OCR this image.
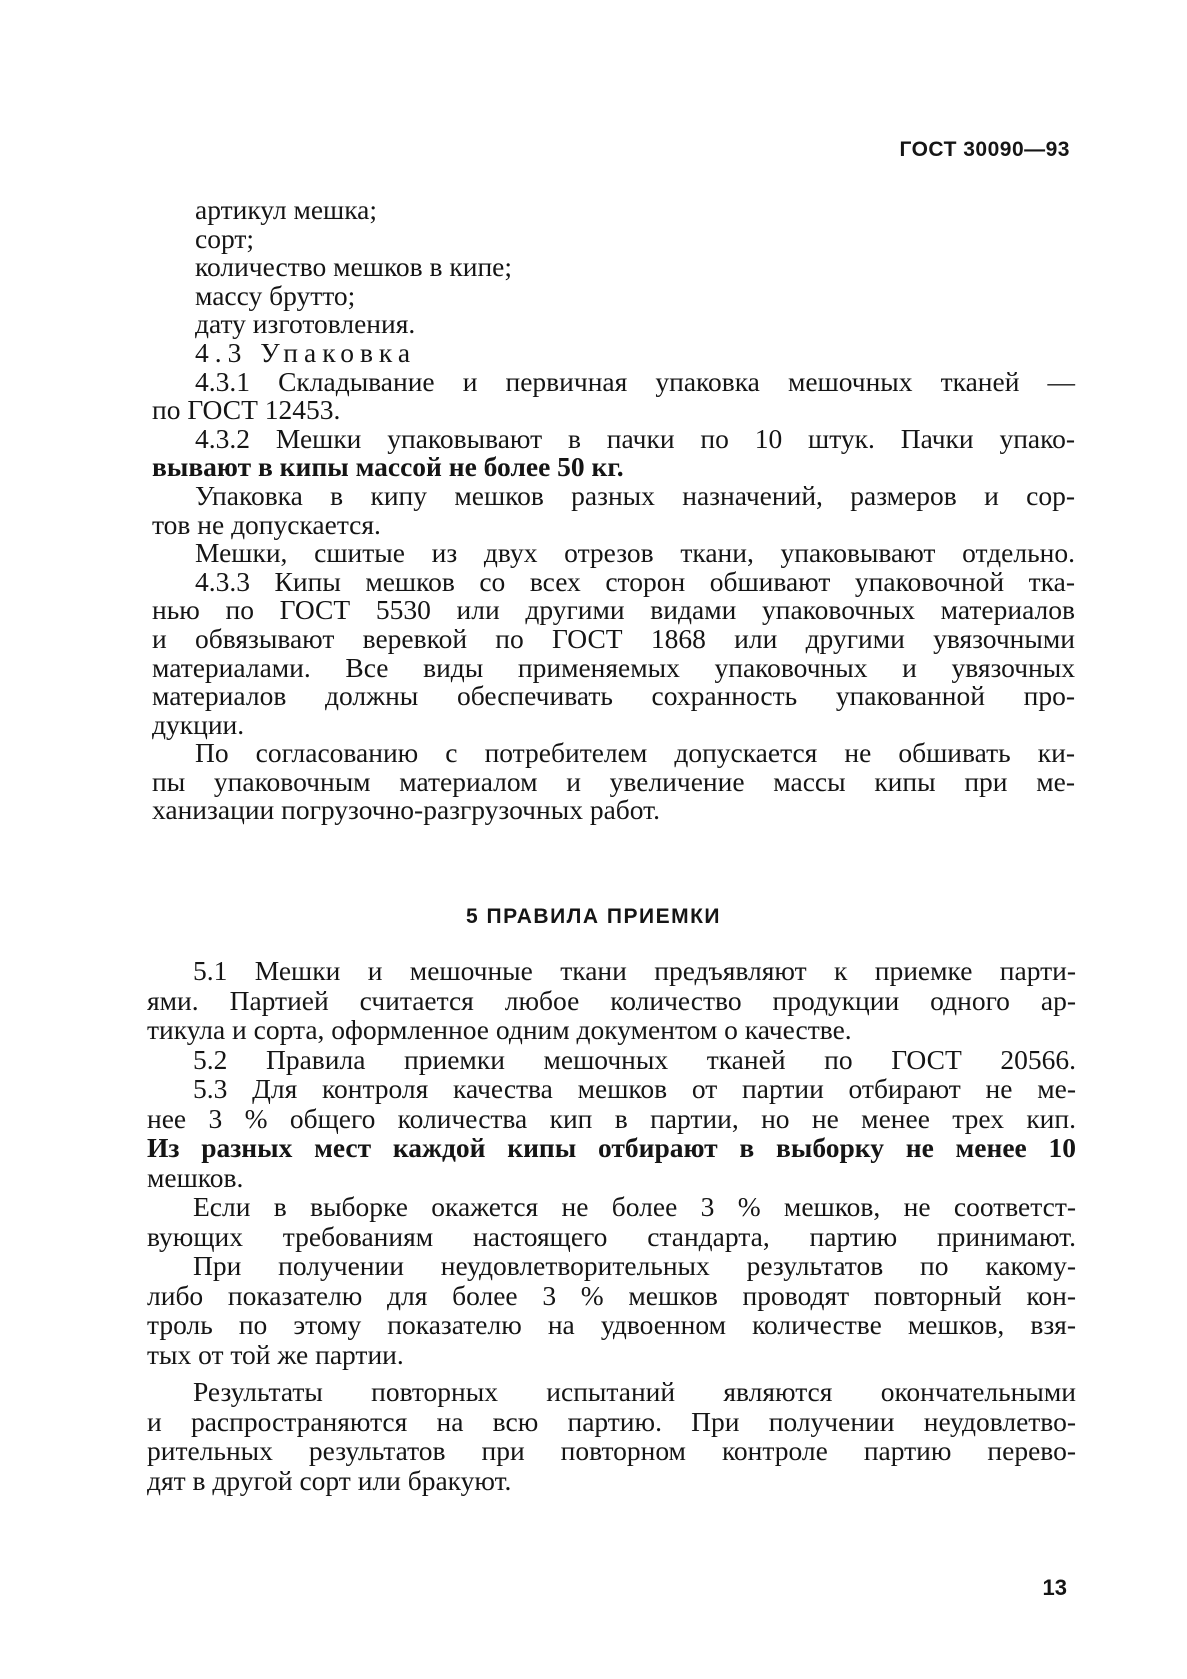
ГОСТ 30090—93
артикул мешка;
сорт;
количество мешков в кипе;
массу брутто;
дату изготовления.
4.3 Упаковка
4.3.1 Складывание и первичная упаковка мешочных тканей —
по ГОСТ 12453.
4.3.2 Мешки упаковывают в пачки по 10 штук. Пачки упако-
вывают в кипы массой не более 50 кг.
Упаковка в кипу мешков разных назначений, размеров и сор-
тов не допускается.
Мешки, сшитые из двух отрезов ткани, упаковывают отдельно.
4.3.3 Кипы мешков со всех сторон обшивают упаковочной тка-
нью по ГОСТ 5530 или другими видами упаковочных материалов
и обвязывают веревкой по ГОСТ 1868 или другими увязочными
материалами. Все виды применяемых упаковочных и увязочных
материалов должны обеспечивать сохранность упакованной про-
дукции.
По согласованию с потребителем допускается не обшивать ки-
пы упаковочным материалом и увеличение массы кипы при ме-
ханизации погрузочно-разгрузочных работ.
5 ПРАВИЛА ПРИЕМКИ
5.1 Мешки и мешочные ткани предъявляют к приемке парти-
ями. Партией считается любое количество продукции одного ар-
тикула и сорта, оформленное одним документом о качестве.
5.2 Правила приемки мешочных тканей по ГОСТ 20566.
5.3 Для контроля качества мешков от партии отбирают не ме-
нее 3 % общего количества кип в партии, но не менее трех кип.
Из разных мест каждой кипы отбирают в выборку не менее 10
мешков.
Если в выборке окажется не более 3 % мешков, не соответст-
вующих требованиям настоящего стандарта, партию принимают.
При получении неудовлетворительных результатов по какому-
либо показателю для более 3 % мешков проводят повторный кон-
троль по этому показателю на удвоенном количестве мешков, взя-
тых от той же партии.
Результаты повторных испытаний являются окончательными
и распространяются на всю партию. При получении неудовлетво-
рительных результатов при повторном контроле партию перево-
дят в другой сорт или бракуют.
13
